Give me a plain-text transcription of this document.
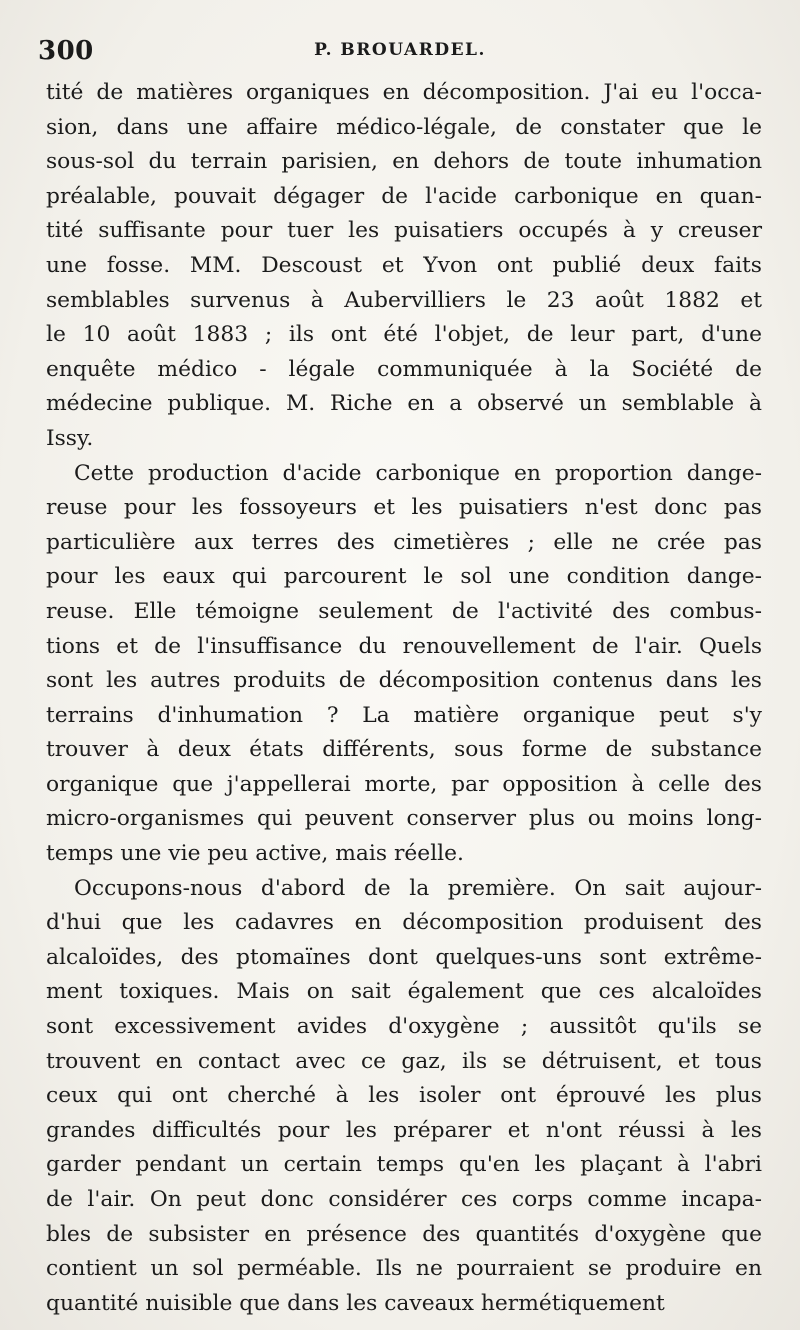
300	P. BROUARDEL.

tité de matières organiques en décomposition. J'ai eu l'occa-
sion, dans une affaire médico-légale, de constater que le
sous-sol du terrain parisien, en dehors de toute inhumation
préalable, pouvait dégager de l'acide carbonique en quan-
tité suffisante pour tuer les puisatiers occupés à y creuser
une fosse. MM. Descoust et Yvon ont publié deux faits
semblables survenus à Aubervilliers le 23 août 1882 et
le 10 août 1883 ; ils ont été l'objet, de leur part, d'une
enquête médico - légale communiquée à la Société de
médecine publique. M. Riche en a observé un semblable à
Issy.

Cette production d'acide carbonique en proportion dange-
reuse pour les fossoyeurs et les puisatiers n'est donc pas
particulière aux terres des cimetières ; elle ne crée pas
pour les eaux qui parcourent le sol une condition dange-
reuse. Elle témoigne seulement de l'activité des combus-
tions et de l'insuffisance du renouvellement de l'air. Quels
sont les autres produits de décomposition contenus dans les
terrains d'inhumation ? La matière organique peut s'y
trouver à deux états différents, sous forme de substance
organique que j'appellerai morte, par opposition à celle des
micro-organismes qui peuvent conserver plus ou moins long-
temps une vie peu active, mais réelle.

Occupons-nous d'abord de la première. On sait aujour-
d'hui que les cadavres en décomposition produisent des
alcaloïdes, des ptomaïnes dont quelques-uns sont extrême-
ment toxiques. Mais on sait également que ces alcaloïdes
sont excessivement avides d'oxygène ; aussitôt qu'ils se
trouvent en contact avec ce gaz, ils se détruisent, et tous
ceux qui ont cherché à les isoler ont éprouvé les plus
grandes difficultés pour les préparer et n'ont réussi à les
garder pendant un certain temps qu'en les plaçant à l'abri
de l'air. On peut donc considérer ces corps comme incapa-
bles de subsister en présence des quantités d'oxygène que
contient un sol perméable. Ils ne pourraient se produire en
quantité nuisible que dans les caveaux hermétiquement
